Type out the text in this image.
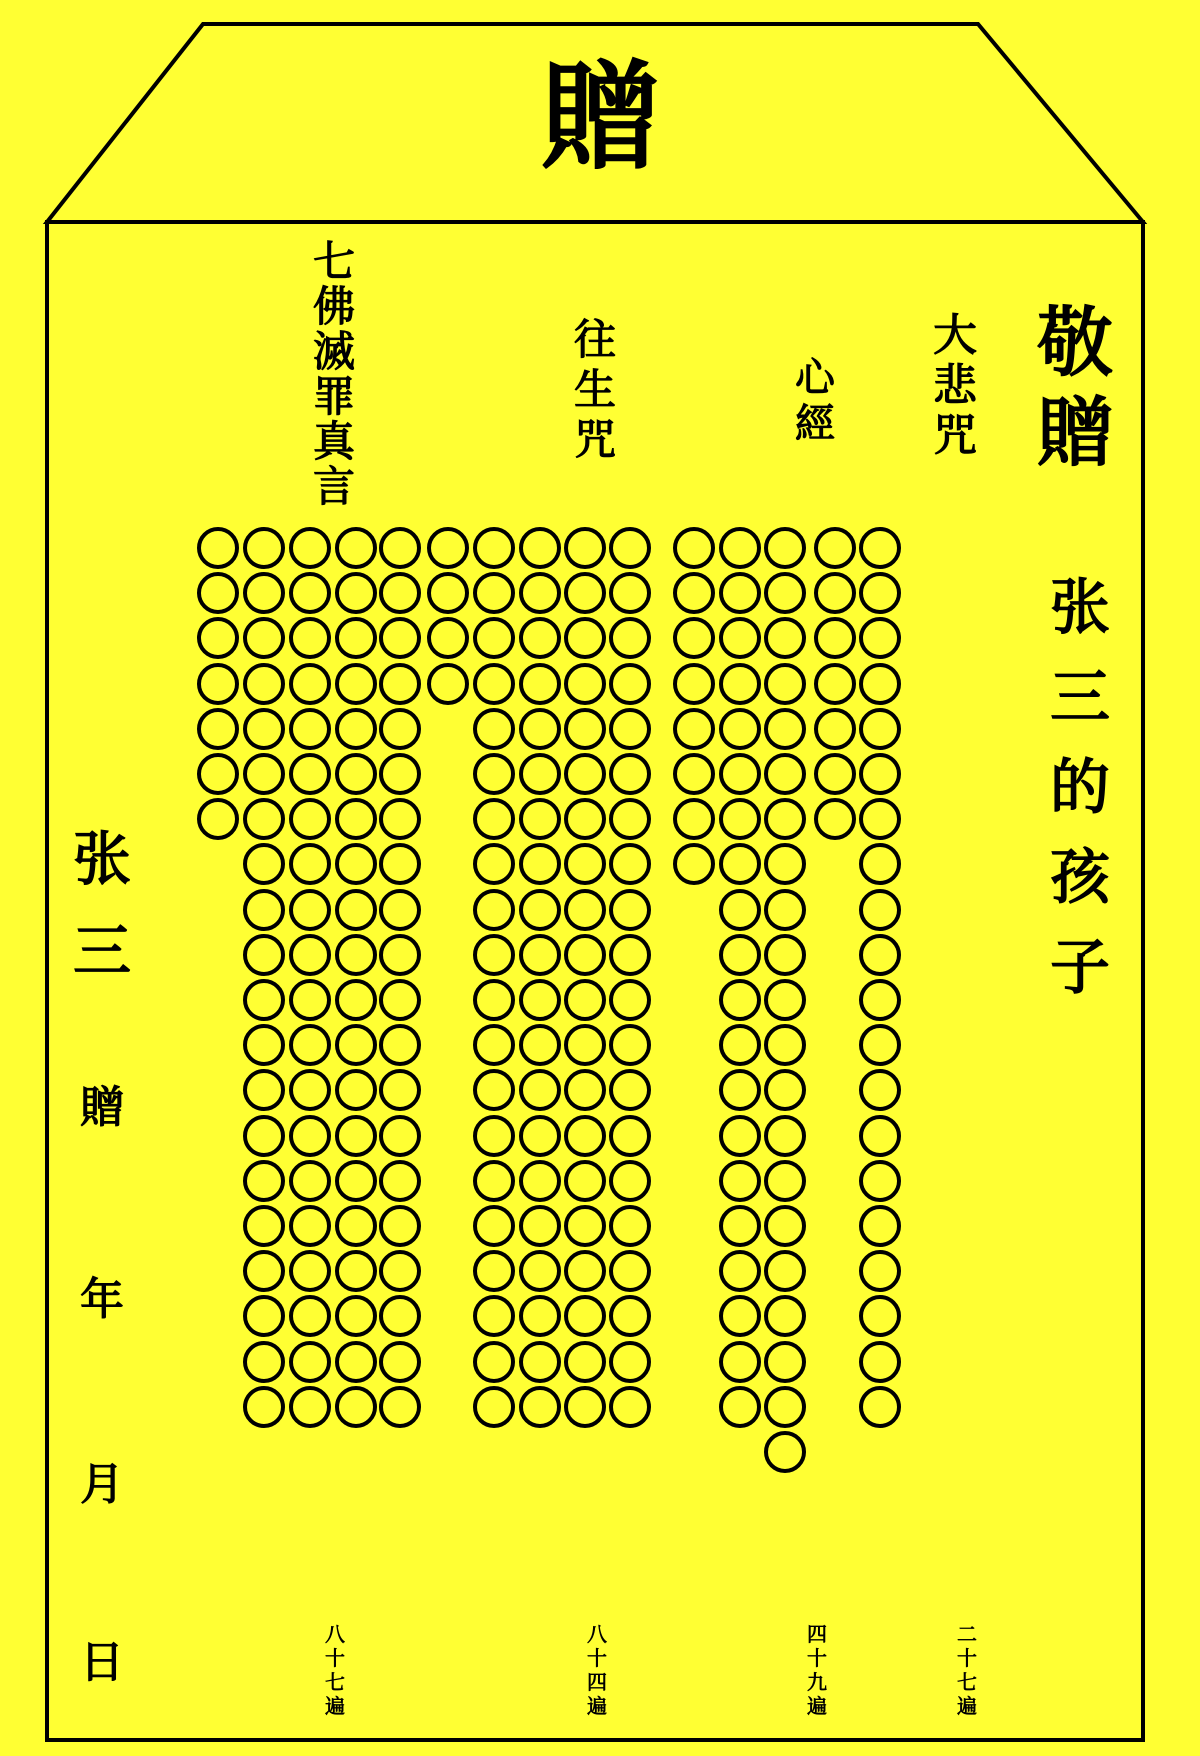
贈
敬
贈
张
三
的
孩
子
大
悲
咒
心
經
往
生
咒
七
佛
滅
罪
真
言
二
十
七
遍
四
十
九
遍
八
十
四
遍
八
十
七
遍
张
三
贈
年
月
日
